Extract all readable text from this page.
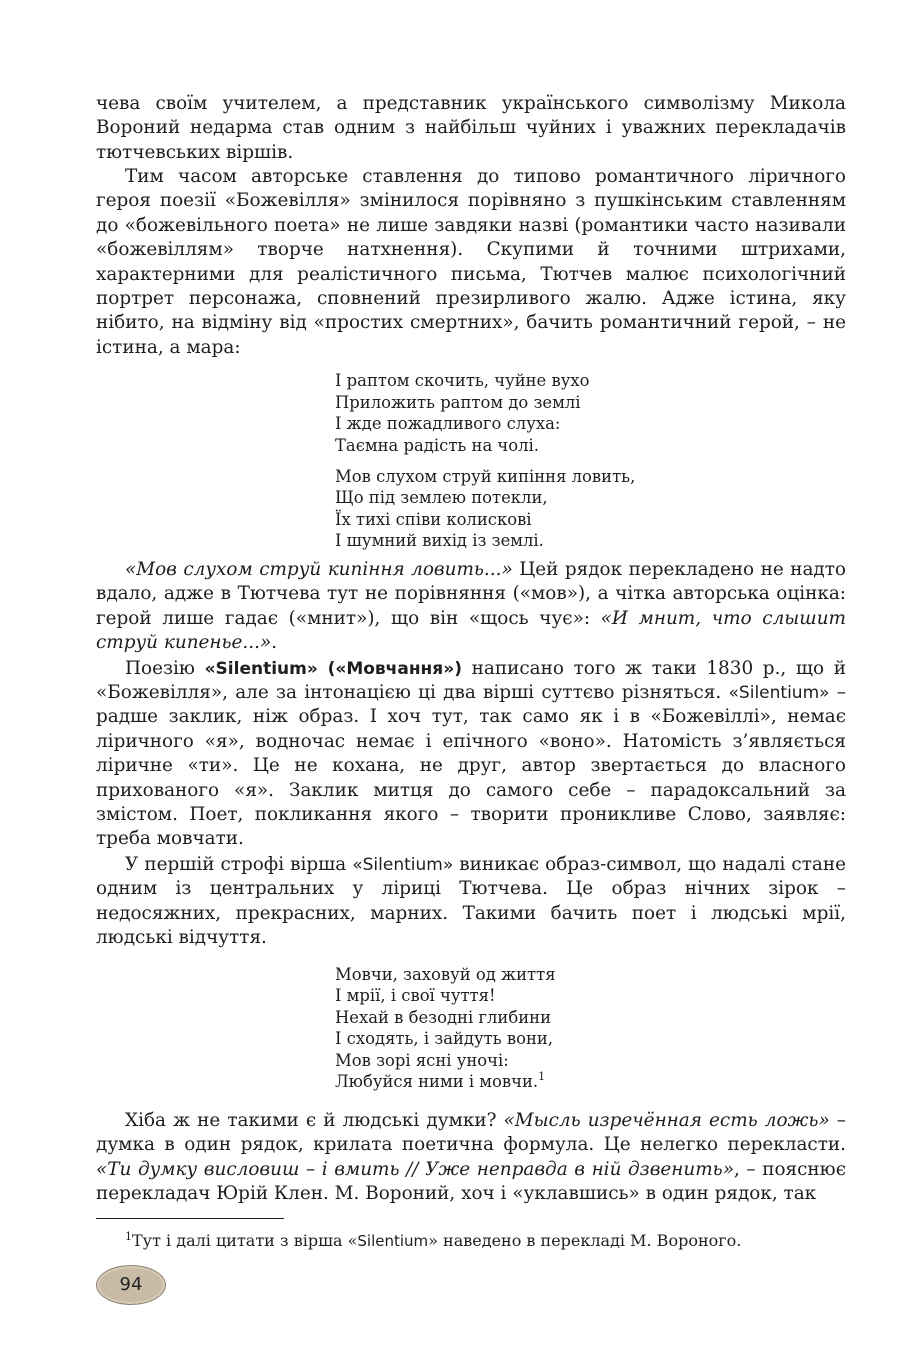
чева своїм учителем, а представник українського символізму Микола Вороний недарма став одним з найбільш чуйних і уважних перекладачів тютчевських віршів.

Тим часом авторське ставлення до типово романтичного ліричного героя поезії «Божевілля» змінилося порівняно з пушкінським ставленням до «божевільного поета» не лише завдяки назві (романтики часто називали «божевіллям» творче натхнення). Скупими й точними штрихами, характерними для реалістичного письма, Тютчев малює психологічний портрет персонажа, сповнений презирливого жалю. Адже істина, яку нібито, на відміну від «простих смертних», бачить романтичний герой, – не істина, а мара:

І раптом скочить, чуйне вухо
Приложить раптом до землі
І жде пожадливого слуха:
Таємна радість на чолі.
Мов слухом струй кипіння ловить,
Що під землею потекли,
Їх тихі співи колискові
І шумний вихід із землі.

«Мов слухом струй кипіння ловить...» Цей рядок перекладено не надто вдало, адже в Тютчева тут не порівняння («мов»), а чітка авторська оцінка: герой лише гадає («мнит»), що він «щось чує»: «И мнит, что слышит струй кипенье...».

Поезію «Silentium» («Мовчання») написано того ж таки 1830 р., що й «Божевілля», але за інтонацією ці два вірші суттєво різняться. «Silentium» – радше заклик, ніж образ. І хоч тут, так само як і в «Божевіллі», немає ліричного «я», водночас немає і епічного «воно». Натомість з’являється ліричне «ти». Це не кохана, не друг, автор звертається до власного прихованого «я». Заклик митця до самого себе – парадоксальний за змістом. Поет, покликання якого – творити проникливе Слово, заявляє: треба мовчати.

У першій строфі вірша «Silentium» виникає образ-символ, що надалі стане одним із центральних у ліриці Тютчева. Це образ нічних зірок – недосяжних, прекрасних, марних. Такими бачить поет і людські мрії, людські відчуття.

Мовчи, заховуй од життя
І мрії, і свої чуття!
Нехай в безодні глибини
І сходять, і зайдуть вони,
Мов зорі ясні уночі:
Любуйся ними і мовчи.$^1$

Хіба ж не такими є й людські думки? «Мысль изречённая есть ложь» – думка в один рядок, крилата поетична формула. Це нелегко перекласти. «Ти думку висловиш – і вмить // Уже неправда в ній дзвенить», – пояснює перекладач Юрій Клен. М. Вороний, хоч і «уклавшись» в один рядок, так

$^1$Тут і далі цитати з вірша «Silentium» наведено в перекладі М. Вороного.
94
